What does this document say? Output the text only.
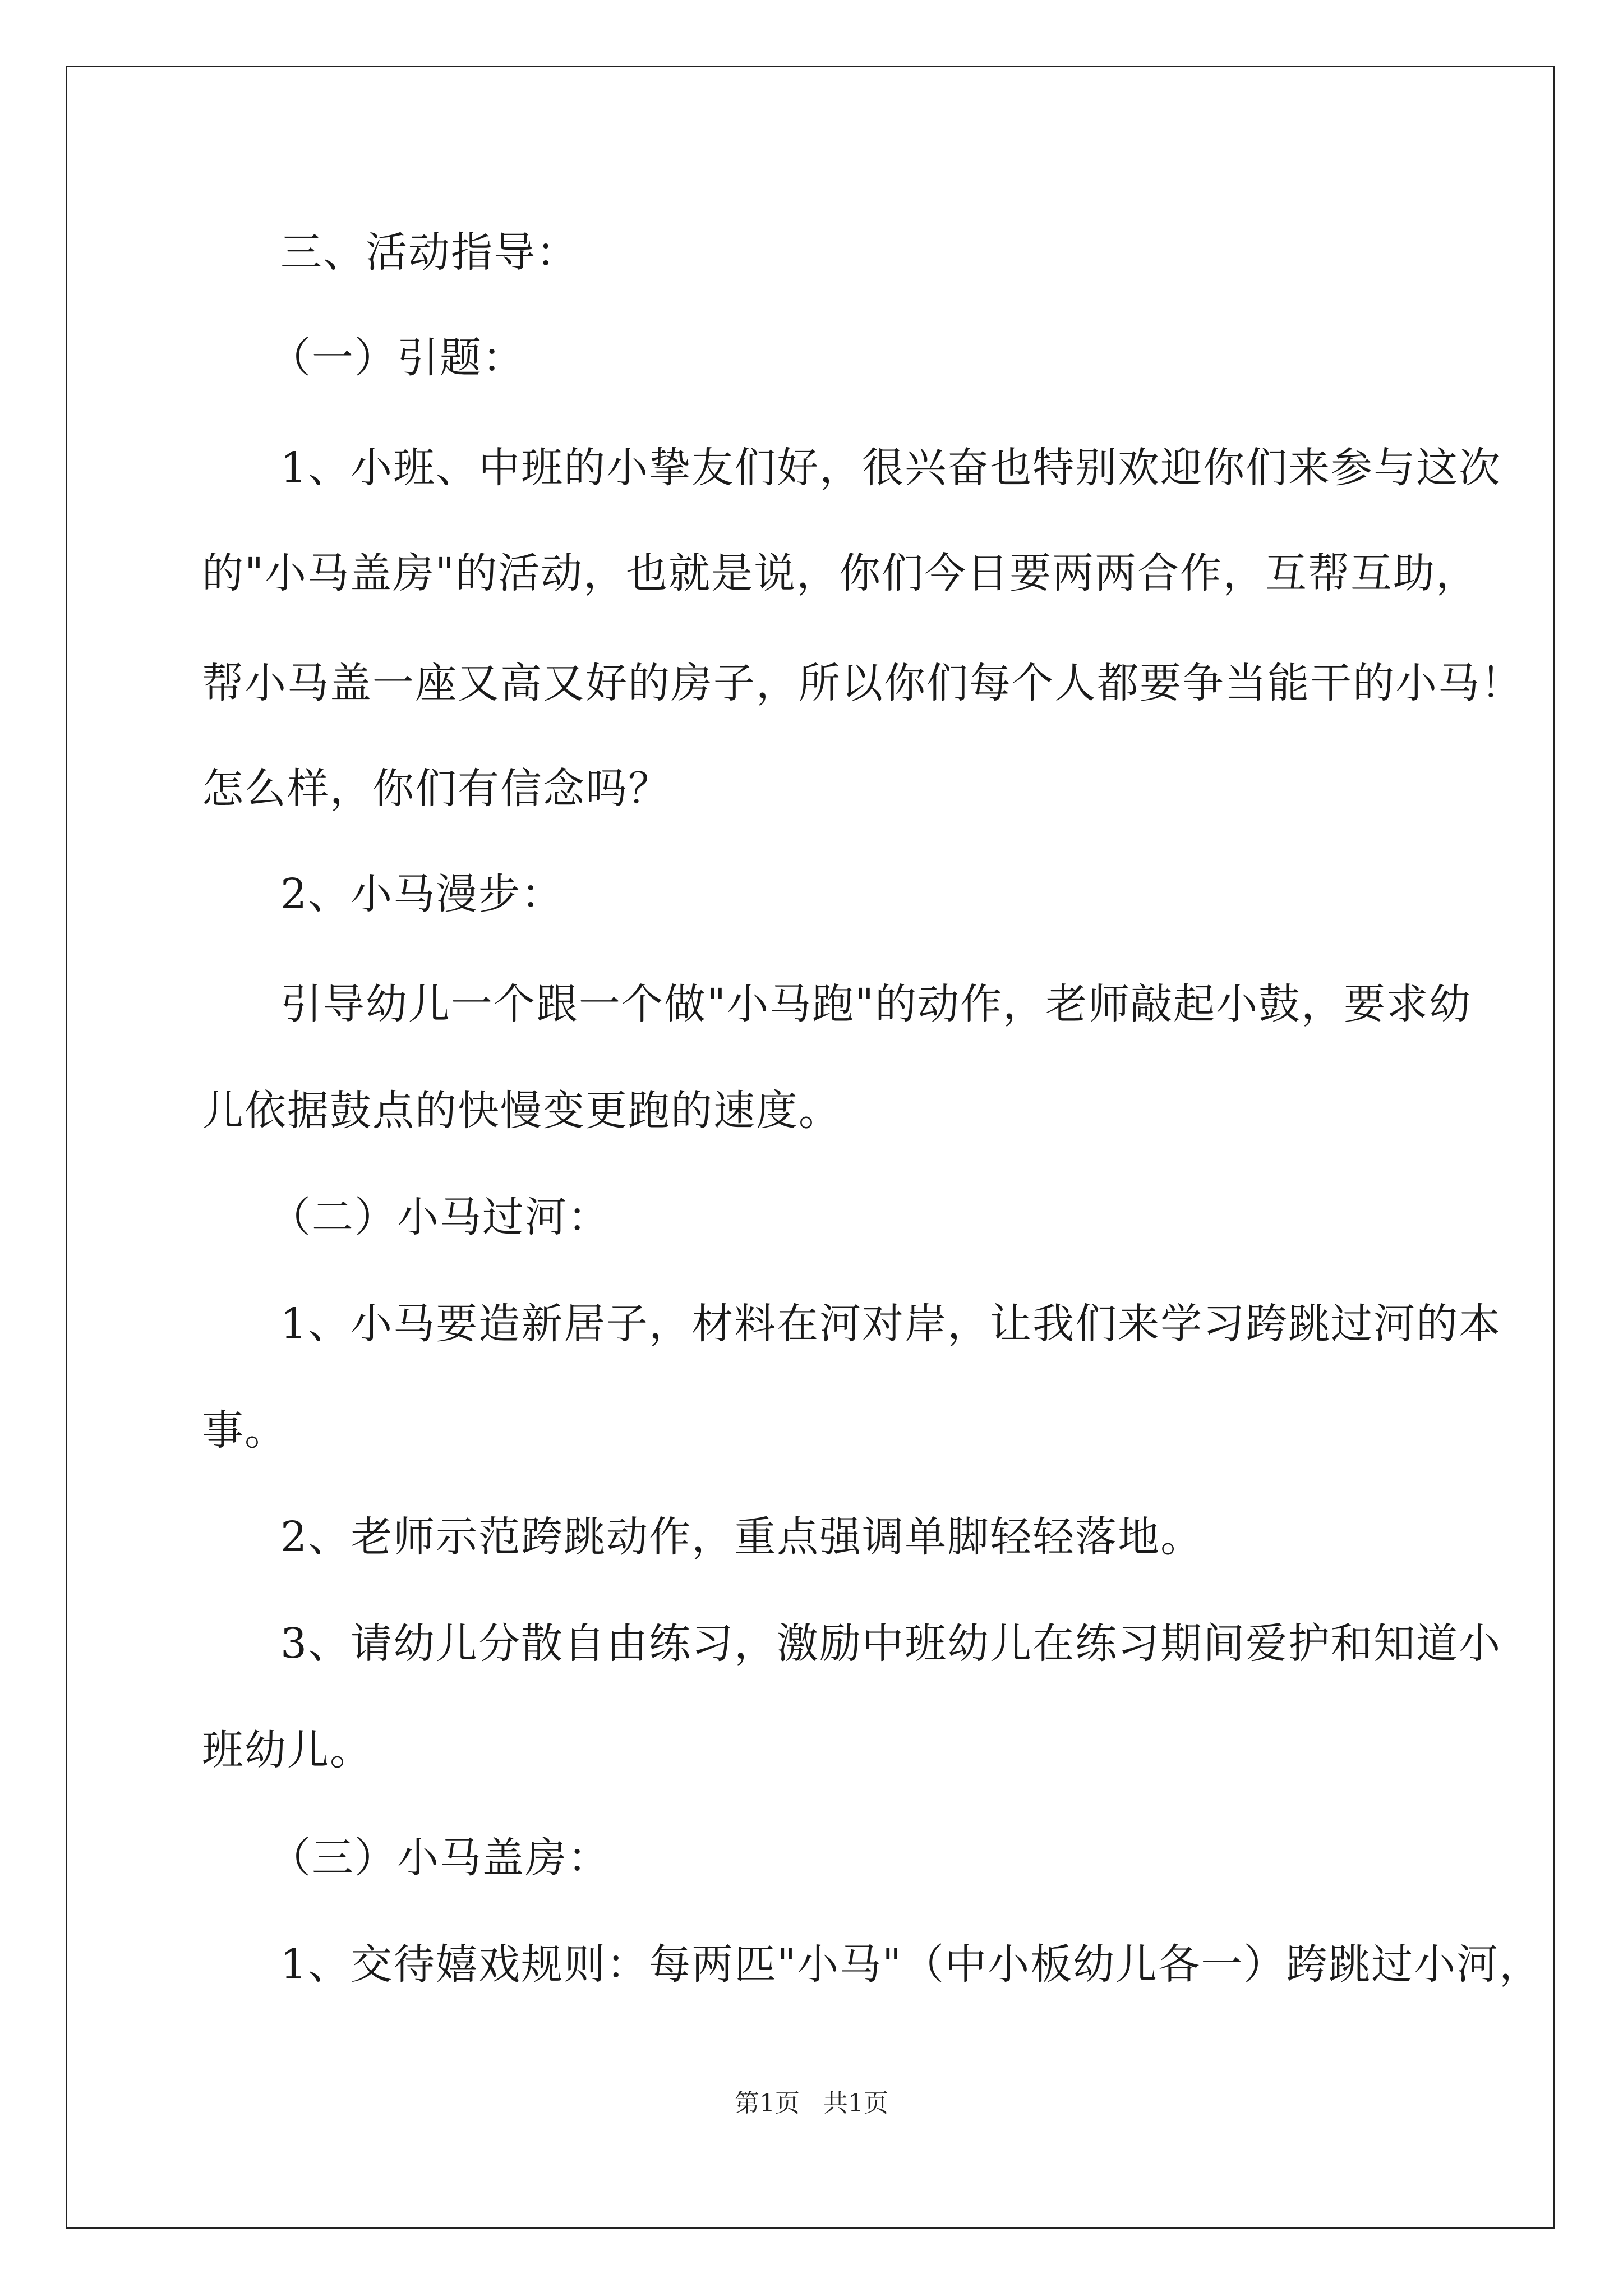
三、活动指导：
（一）引题：
1、小班、中班的小挚友们好，很兴奋也特别欢迎你们来参与这次
的"小马盖房"的活动，也就是说，你们今日要两两合作，互帮互助，
帮小马盖一座又高又好的房子，所以你们每个人都要争当能干的小马！
怎么样，你们有信念吗？
2、小马漫步：
引导幼儿一个跟一个做"小马跑"的动作，老师敲起小鼓，要求幼
儿依据鼓点的快慢变更跑的速度。
（二）小马过河：
1、小马要造新居子，材料在河对岸，让我们来学习跨跳过河的本
事。
2、老师示范跨跳动作，重点强调单脚轻轻落地。
3、请幼儿分散自由练习，激励中班幼儿在练习期间爱护和知道小
班幼儿。
（三）小马盖房：
1、交待嬉戏规则：每两匹"小马"（中小板幼儿各一）跨跳过小河，
第1页 共1页
